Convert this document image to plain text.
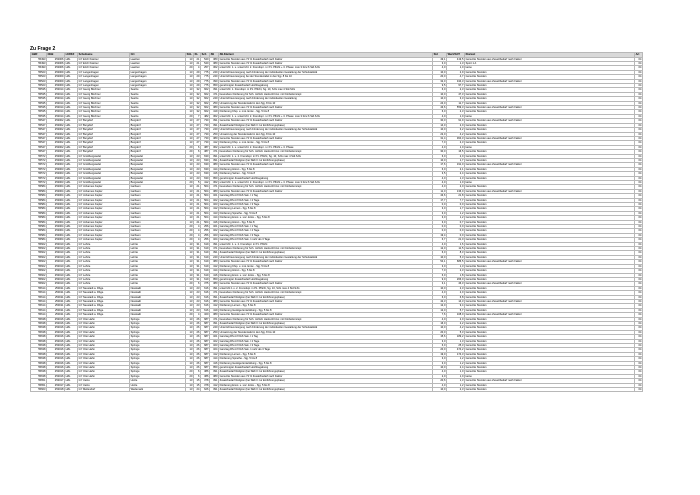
Zu Frage 2
GBR	NGB	LKRKZ	Schulname	Ort	SGL	KL	Sch	ZB	ZB-Klartext	Std	WertZ42/7	Klartext	Art
55493	253006	HZL	GY Erich Kästner	Laatzen	13	21	540	380	Genutzte Stunden aus 72 % Zusatzbedarf nach Faktor	49,1	419,5	Genutzte Stunden aus Zusatzbedarf nach Faktor	04
55493	253006	HZL	GY Erich Kästner	Laatzen	13	21	540	380	Genutzte Stunden aus 72 % Zusatzbedarf nach Faktor	3,0	1,3	Sport 1 A	04
55493	253006	HZL	GY Erich Kästner	Laatzen	20	4	257	362	unterricht: 1. u. unterricht: 2. Fremdspr. i.n P1. Pflicht + 3. Phase: max 3 bzw 6 Std.SJG	4,0	1,0	keine	04
55523	253009	HZL	GY Langenhagen	Langenhagen	13	29	775	240	Unterrichtsversorgung nach Förderung der individuellen Gestaltung der Schulstatistik	10,0	2,9	Genutzte Stunden	04
55523	253009	HZL	GY Langenhagen	Langenhagen	13	29	775	240	Unterrichtsversorgung bei der Stundentafel in den Sjg. 8 bis 10	20,0	4,7	Genutzte Stunden	04
55523	253009	HZL	GY Langenhagen	Langenhagen	13	29	775	390	Genutzte Stunden aus 72 % Zusatzbedarf nach Faktor	32,0	344,3	Genutzte Stunden aus Zusatzbedarf nach Faktor	04
55523	253009	HZL	GY Langenhagen	Langenhagen	13	29	775	950	genehmigter Zusatzbedarf Hochbegabung	9,5	97,7	Genutzte Stunden	04
55535	253014	HZL	GY Georg Büchner	Seelze	13	32	662	391	unterricht: 1. Fremdspr. in P1. Pflicht, Sg. 10, SJG max 4 Std.SJG	6,0	2,3	Genutzte Stunden	04
55535	253014	HZL	GY Georg Büchner	Seelze	13	32	662	471	besondere Förderung für Sch. nichtdt. Herkunft bzw. mit Förderkonzept	10,0	47,3	Genutzte Stunden	04
55535	253014	HZL	GY Georg Büchner	Seelze	13	32	662	240	Unterrichtsversorgung nach Förderung der individuellen Gestaltung	10,0	3,3	Genutzte Stunden	04
55535	253014	HZL	GY Georg Büchner	Seelze	13	32	662	250	Umsetzung der Stundentafel in den Sjg. 8 bis 10	24,0	11,7	Genutzte Stunden	04
55535	253014	HZL	GY Georg Büchner	Seelze	13	32	662	380	Genutzte Stunden aus 72 % Zusatzbedarf nach Faktor	43,6	559,3	Genutzte Stunden aus Zusatzbedarf nach Faktor	04
55535	253014	HZL	GY Georg Büchner	Seelze	13	32	662	419	Förderung Kfsp. u. mot. Entw. - Sjg. 5 bis 8	6,0	2,3	Genutzte Stunden	04
55535	253014	HZL	GY Georg Büchner	Seelze	20	7	482	362	unterricht: 1. u. unterricht: 2. Fremdspr. i.n P1. Pflicht + 3. Phase: max 3 bzw 6 Std.SJG	4,0	1,0	keine	04
55547	253002	HZL	GY Burgdorf	Burgdorf	13	27	730	391	Genutzte Stunden aus 72 % Zusatzbedarf nach Faktor	30,0	91,9	Genutzte Stunden aus Zusatzbedarf nach Faktor	04
55547	253002	HZL	GY Burgdorf	Burgdorf	13	27	730	391	Zusatzbedarf Religion (bei SEK II zur Einführungsphase)	14,0	2,0	Genutzte Stunden	04
55547	253002	HZL	GY Burgdorf	Burgdorf	13	27	730	240	Unterrichtsversorgung nach Förderung der individuellen Gestaltung der Schulstatistik	10,0	3,2	Genutzte Stunden	04
55547	253002	HZL	GY Burgdorf	Burgdorf	13	27	730	250	Umsetzung der Stundentafel in den Sjg. 8 bis 10	22,0	4,2	Genutzte Stunden	04
55547	253002	HZL	GY Burgdorf	Burgdorf	13	27	730	380	Genutzte Stunden aus 72 % Zusatzbedarf nach Faktor	31,4	364,3	Genutzte Stunden aus Zusatzbedarf nach Faktor	04
55547	253002	HZL	GY Burgdorf	Burgdorf	13	27	730	412	Förderung Kfsp. u. mot. Entw. - Sjg. 5 bis 8	7,0	2,3	Genutzte Stunden	04
55547	253002	HZL	GY Burgdorf	Burgdorf	20	6	387	362	unterricht: 1. u. unterricht: 2. Fremdspr. i.n P1. Pflicht + 3. Phase	4,0	1,0	keine	04
55547	253002	HZL	GY Burgdorf	Burgdorf	20	6	387	471	besondere Förderung für Sch. nichtdt. Herkunft bzw. mit Förderkonzept	30,0	16,5	Genutzte Stunden	04
55572	253003	HZL	GY Großburgwedel	Burgwedel	13	23	630	391	unterricht: 1. u. 2. Fremdspr. in P1. Pflicht, Sg. 10, SJG max 4 Std.SJG	6,0	2,0	Genutzte Stunden	04
55572	253003	HZL	GY Großburgwedel	Burgwedel	13	23	630	391	Zusatzbedarf Religion (bei SEK II zur Einführungsphase)	10,0	1,7	Genutzte Stunden	04
55572	253003	HZL	GY Großburgwedel	Burgwedel	13	23	630	380	Genutzte Stunden aus 72 % Zusatzbedarf nach Faktor	17,6	191,0	Genutzte Stunden aus Zusatzbedarf nach Faktor	04
55572	253003	HZL	GY Großburgwedel	Burgwedel	13	23	630	414	Förderung Hören - Sjg. 5 bis 8	6,0	2,1	Genutzte Stunden	04
55572	253003	HZL	GY Großburgwedel	Burgwedel	13	23	630	416	Förderung Sehen - Sjg. 5 bis 8	3,5	2,4	Genutzte Stunden	04
55572	253003	HZL	GY Großburgwedel	Burgwedel	13	23	630	950	genehmigter Zusatzbedarf Hochbegabung	4,0	1,3	Genutzte Stunden	04
55572	253003	HZL	GY Großburgwedel	Burgwedel	20	5	412	362	unterricht: 1. u. unterricht: 2. Fremdspr. i.n P1. Pflicht + 3. Phase: max 3 bzw 6 Std.SJG	4,0	1,0	keine	04
55584	253004	HZL	GY Johannes Kepler	Garbsen	13	21	504	471	besondere Förderung für Sch. nichtdt. Herkunft bzw. mit Förderkonzept	4,0	2,0	Genutzte Stunden	04
55584	253004	HZL	GY Johannes Kepler	Garbsen	13	21	504	380	Genutzte Stunden aus 72 % Zusatzbedarf nach Faktor	11,0	136,0	Genutzte Stunden aus Zusatzbedarf nach Faktor	04
55584	253004	HZL	GY Johannes Kepler	Garbsen	13	21	504	321	Ganztag RS-GY/IGS Sek. I 1 Tag	43,6	21,8	Genutzte Stunden	04
55584	253004	HZL	GY Johannes Kepler	Garbsen	13	21	504	322	Ganztag RS-GY/IGS Sek. I 2 Tage	17,7	7,7	Genutzte Stunden	04
55584	253004	HZL	GY Johannes Kepler	Garbsen	13	21	504	323	Ganztag RS-GY/IGS Sek. I 3 Tage	0,0	0,0	Genutzte Stunden	04
55584	253004	HZL	GY Johannes Kepler	Garbsen	13	21	504	412	Förderung Lernen - Sjg. 5 bis 8	3,0	1,7	Genutzte Stunden	04
55584	253004	HZL	GY Johannes Kepler	Garbsen	13	21	504	413	Förderung Sprache - Sjg. 5 bis 8	3,0	1,2	Genutzte Stunden	04
55584	253004	HZL	GY Johannes Kepler	Garbsen	13	21	504	414	Förderung Emot. u. soz. Entw. - Sjg. 5 bis 8	3,0	1,2	Genutzte Stunden	04
55584	253004	HZL	GY Johannes Kepler	Garbsen	13	21	504	416	Förderung Hören - Sjg. 5 bis 8	3,0	0,7	Genutzte Stunden	04
55584	253004	HZL	GY Johannes Kepler	Garbsen	20	4	256	321	Ganztag RS-GY/IGS Sek. I 1 Tag	0,0	0,0	Genutzte Stunden	04
55584	253004	HZL	GY Johannes Kepler	Garbsen	20	4	256	322	Ganztag RS-GY/IGS Sek. I 2 Tage	0,0	0,0	Genutzte Stunden	04
55584	253004	HZL	GY Johannes Kepler	Garbsen	20	4	256	323	Ganztag RS-GY/IGS Sek. I 3 Tage	19,4	0,0	Genutzte Stunden	04
55584	253004	HZL	GY Johannes Kepler	Garbsen	20	4	256	324	Ganztag RS-GY/IGS Sek. I mehr als 3 Tage	6,7	21,0	Genutzte Stunden	04
55602	253010	HZL	GY Lehrte	Lehrte	13	31	619	391	unterricht: 1. u. 2. Fremdspr. in P1. Pflicht	4,0	1,6	Genutzte Stunden	04
55602	253010	HZL	GY Lehrte	Lehrte	13	31	619	471	besondere Förderung für Sch. nichtdt. Herkunft bzw. mit Förderkonzept	12,0	11,5	Genutzte Stunden	04
55602	253010	HZL	GY Lehrte	Lehrte	13	31	619	391	Zusatzbedarf Religion (bei SEK II zur Einführungsphase)	6,0	8,3	Genutzte Stunden	04
55602	253010	HZL	GY Lehrte	Lehrte	13	31	619	240	Unterrichtsversorgung nach Förderung der individuellen Gestaltung der Schulstatistik	10,0	5,3	Genutzte Stunden	04
55602	253010	HZL	GY Lehrte	Lehrte	13	31	619	380	Genutzte Stunden aus 72 % Zusatzbedarf nach Faktor	54,1	686,5	Genutzte Stunden aus Zusatzbedarf nach Faktor	04
55602	253010	HZL	GY Lehrte	Lehrte	13	31	619	412	Förderung Kfsp. u. mot. Entw. - Sjg. 5 bis 8	3,0	1,3	Genutzte Stunden	04
55602	253010	HZL	GY Lehrte	Lehrte	13	31	619	414	Förderung Hören - Sjg. 5 bis 8	7,0	2,3	Genutzte Stunden	04
55602	253010	HZL	GY Lehrte	Lehrte	13	31	619	416	Förderung Emot. u. soz. Entw. - Sjg. 5 bis 8	6,0	1,8	Genutzte Stunden	04
55602	253010	HZL	GY Lehrte	Lehrte	13	31	619	950	genehmigter Zusatzbedarf Hochbegabung	9,0	266,0	Genutzte Stunden	04
55602	253010	HZL	GY Lehrte	Lehrte	20	6	375	380	Genutzte Stunden aus 72 % Zusatzbedarf nach Faktor	3,1	46,3	Genutzte Stunden aus Zusatzbedarf nach Faktor	04
55614	253011	HZL	GY Neustadt a. Rbge.	Neustadt	13	23	616	391	unterricht 1 u. 2. Fremdspr. in P1. Pflicht, Sg. 10, SJG max 4 Std.SJG	10,0	2,3	Genutzte Stunden	04
55614	253011	HZL	GY Neustadt a. Rbge.	Neustadt	13	23	616	471	besondere Förderung für Sch. nichtdt. Herkunft bzw. mit Förderkonzept	4,0	2,0	Genutzte Stunden	04
55614	253011	HZL	GY Neustadt a. Rbge.	Neustadt	13	23	616	391	Zusatzbedarf Religion (bei SEK II zur Einführungsphase)	6,0	6,8	Genutzte Stunden	04
55614	253011	HZL	GY Neustadt a. Rbge.	Neustadt	13	23	616	380	Genutzte Stunden aus 72 % Zusatzbedarf nach Faktor	42,3	14,3	Genutzte Stunden aus Zusatzbedarf nach Faktor	04
55614	253011	HZL	GY Neustadt a. Rbge.	Neustadt	13	23	616	412	Förderung Lernen - Sjg. 5 bis 8	12,0	9,4	Genutzte Stunden	04
55614	253011	HZL	GY Neustadt a. Rbge.	Neustadt	13	23	616	419	Förderung Geistige Entwicklung - Sjg. 5 bis 8	12,0	5,7	Genutzte Stunden	04
55614	253011	HZL	GY Neustadt a. Rbge.	Neustadt	20	4	320	380	Genutzte Stunden aus 72 % Zusatzbedarf nach Faktor	7,6	108,0	Genutzte Stunden aus Zusatzbedarf nach Faktor	04
55638	253016	HZL	GY Otto Hahn	Springe	13	26	687	471	besondere Förderung für Sch. nichtdt. Herkunft bzw. mit Förderkonzept	4,0	2,0	Genutzte Stunden	04
55638	253016	HZL	GY Otto Hahn	Springe	13	26	687	391	Zusatzbedarf Religion (bei SEK II zur Einführungsphase)	16,0	2,2	Genutzte Stunden	04
55638	253016	HZL	GY Otto Hahn	Springe	13	26	687	240	Unterrichtsversorgung nach Förderung der individuellen Gestaltung der Schulstatistik	10,0	4,2	Genutzte Stunden	04
55638	253016	HZL	GY Otto Hahn	Springe	13	26	687	250	Umsetzung der Stundentafel in den Sjg. 8 bis 10	20,0	5,3	Genutzte Stunden	04
55638	253016	HZL	GY Otto Hahn	Springe	13	26	687	321	Ganztag RS-GY/IGS Sek. I 1 Tag	15,6	189,2	Genutzte Stunden	04
55638	253016	HZL	GY Otto Hahn	Springe	13	26	687	322	Ganztag RS-GY/IGS Sek. I 2 Tage	3,0	1,3	Genutzte Stunden	04
55638	253016	HZL	GY Otto Hahn	Springe	13	26	687	323	Ganztag RS-GY/IGS Sek. I 3 Tage	6,0	25,3	Genutzte Stunden	04
55638	253016	HZL	GY Otto Hahn	Springe	13	26	687	324	Ganztag RS-GY/IGS Sek. I mehr als 3 Tage	20,0	474,2	Genutzte Stunden	04
55638	253016	HZL	GY Otto Hahn	Springe	13	26	687	412	Förderung Lernen - Sjg. 5 bis 8	19,0	174,3	Genutzte Stunden	04
55638	253016	HZL	GY Otto Hahn	Springe	13	26	687	414	Förderung Sprache - Sjg. 5 bis 8	3,0	1,2	Genutzte Stunden	04
55638	253016	HZL	GY Otto Hahn	Springe	13	26	687	416	Förderung Geistige Entwicklung - Sjg. 5 bis 8	3,0	1,2	Genutzte Stunden	04
55638	253016	HZL	GY Otto Hahn	Springe	13	26	687	950	genehmigter Zusatzbedarf Hochbegabung	10,0	2,4	Genutzte Stunden	04
55638	253016	HZL	GY Otto Hahn	Springe	20	6	386	391	Zusatzbedarf Religion (bei SEK II zur Einführungsphase)	4,0	1,0	Genutzte Stunden	04
55638	253016	HZL	GY Otto Hahn	Springe	20	6	386	380	Genutzte Stunden aus 72 % Zusatzbedarf nach Faktor	2,0	1,0	keine	04
55651	253017	HZL	GY Uetze	Uetze	13	15	378	391	Zusatzbedarf Religion (bei SEK II zur Einführungsphase)	20,6	1,3	Genutzte Stunden aus Zusatzbedarf nach Faktor	04
55651	253017	HZL	GY Uetze	Uetze	13	15	378	412	Förderung Emot. u. soz. Entw. - Sjg. 5 bis 8	4,0	1,2	Genutzte Stunden	04
55663	253018	HZL	GY Mellendorf	Wedemark	13	24	626	391	Zusatzbedarf Religion (bei SEK II zur Einführungsphase)	10,0	2,3	Genutzte Stunden	04
